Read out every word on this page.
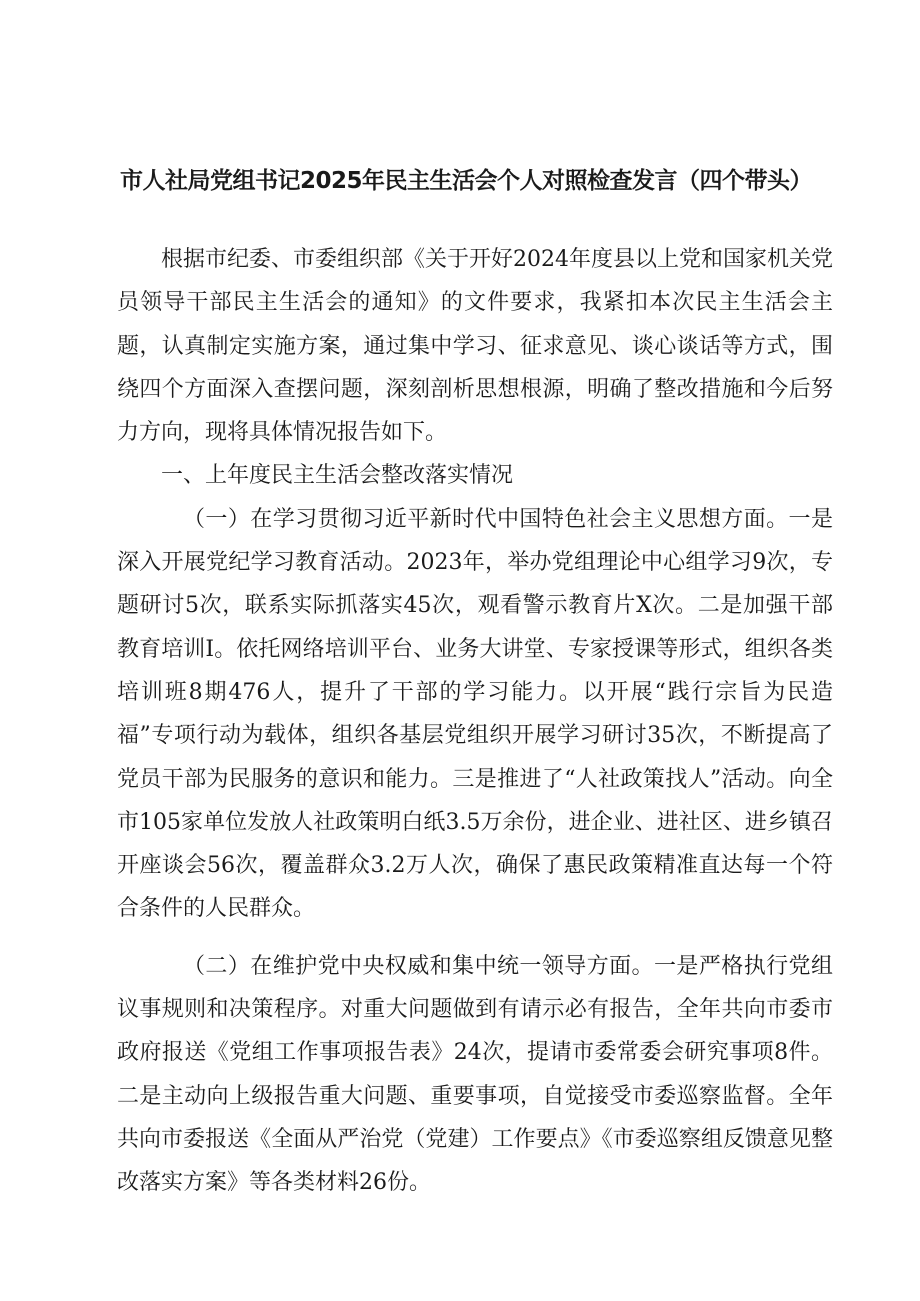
市人社局党组书记2025年民主生活会个人对照检查发言（四个带头）

根据市纪委、市委组织部《关于开好2024年度县以上党和国家机关党员领导干部民主生活会的通知》的文件要求，我紧扣本次民主生活会主题，认真制定实施方案，通过集中学习、征求意见、谈心谈话等方式，围绕四个方面深入查摆问题，深刻剖析思想根源，明确了整改措施和今后努力方向，现将具体情况报告如下。

一、上年度民主生活会整改落实情况

（一）在学习贯彻习近平新时代中国特色社会主义思想方面。一是深入开展党纪学习教育活动。2023年，举办党组理论中心组学习9次，专题研讨5次，联系实际抓落实45次，观看警示教育片X次。二是加强干部教育培训I。依托网络培训平台、业务大讲堂、专家授课等形式，组织各类培训班8期476人，提升了干部的学习能力。以开展“践行宗旨为民造福”专项行动为载体，组织各基层党组织开展学习研讨35次，不断提高了党员干部为民服务的意识和能力。三是推进了“人社政策找人”活动。向全市105家单位发放人社政策明白纸3.5万余份，进企业、进社区、进乡镇召开座谈会56次，覆盖群众3.2万人次，确保了惠民政策精准直达每一个符合条件的人民群众。

（二）在维护党中央权威和集中统一领导方面。一是严格执行党组议事规则和决策程序。对重大问题做到有请示必有报告，全年共向市委市政府报送《党组工作事项报告表》24次，提请市委常委会研究事项8件。二是主动向上级报告重大问题、重要事项，自觉接受市委巡察监督。全年共向市委报送《全面从严治党（党建）工作要点》《市委巡察组反馈意见整改落实方案》等各类材料26份。
